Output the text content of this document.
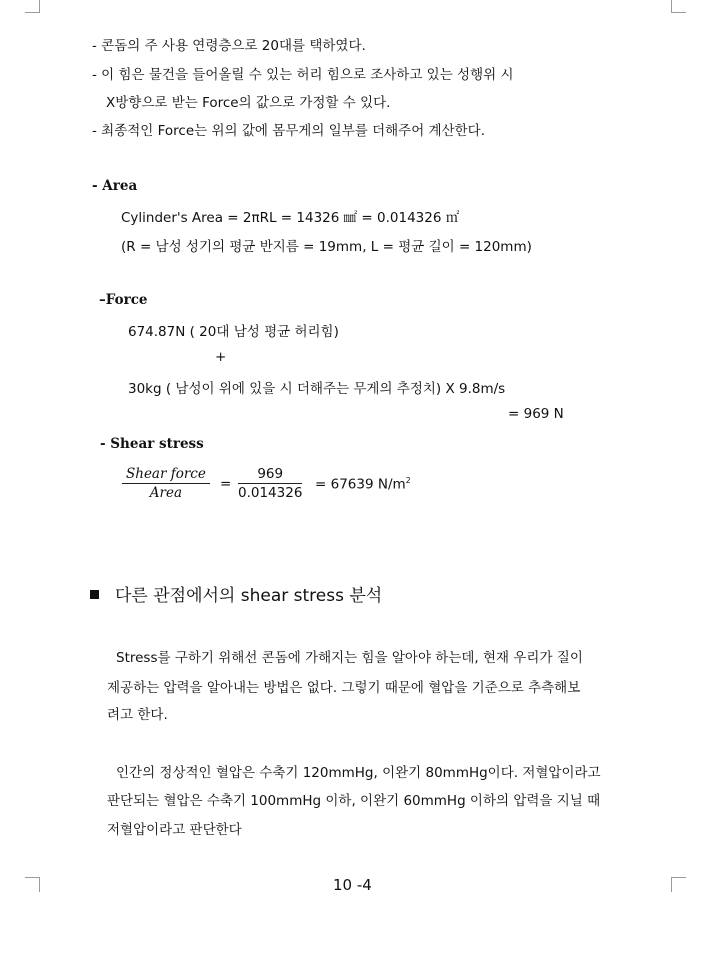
- 콘돔의 주 사용 연령층으로 20대를 택하였다.
- 이 힘은 물건을 들어올릴 수 있는 허리 힘으로 조사하고 있는 성행위 시
X방향으로 받는 Force의 값으로 가정할 수 있다.
- 최종적인 Force는 위의 값에 몸무게의 일부를 더해주어 계산한다.
- Area
Cylinder's Area = 2πRL = 14326 ㎟ = 0.014326 ㎡
(R = 남성 성기의 평균 반지름 = 19mm, L = 평균 길이 = 120mm)
–Force
674.87N ( 20대 남성 평균 허리힘)
+
30kg ( 남성이 위에 있을 시 더해주는 무게의 추정치) X 9.8m/s
= 969 N
- Shear stress
Shear force
Area
= $\frac{969}{0.014326} = 67639$ $N/m^2$
다른 관점에서의 shear stress 분석
Stress를 구하기 위해선 콘돔에 가해지는 힘을 알아야 하는데, 현재 우리가 질이
제공하는 압력을 알아내는 방법은 없다. 그렇기 때문에 혈압을 기준으로 추측해보
려고 한다.
인간의 정상적인 혈압은 수축기 120mmHg, 이완기 80mmHg이다. 저혈압이라고
판단되는 혈압은 수축기 100mmHg 이하, 이완기 60mmHg 이하의 압력을 지닐 때
저혈압이라고 판단한다
10 -4
